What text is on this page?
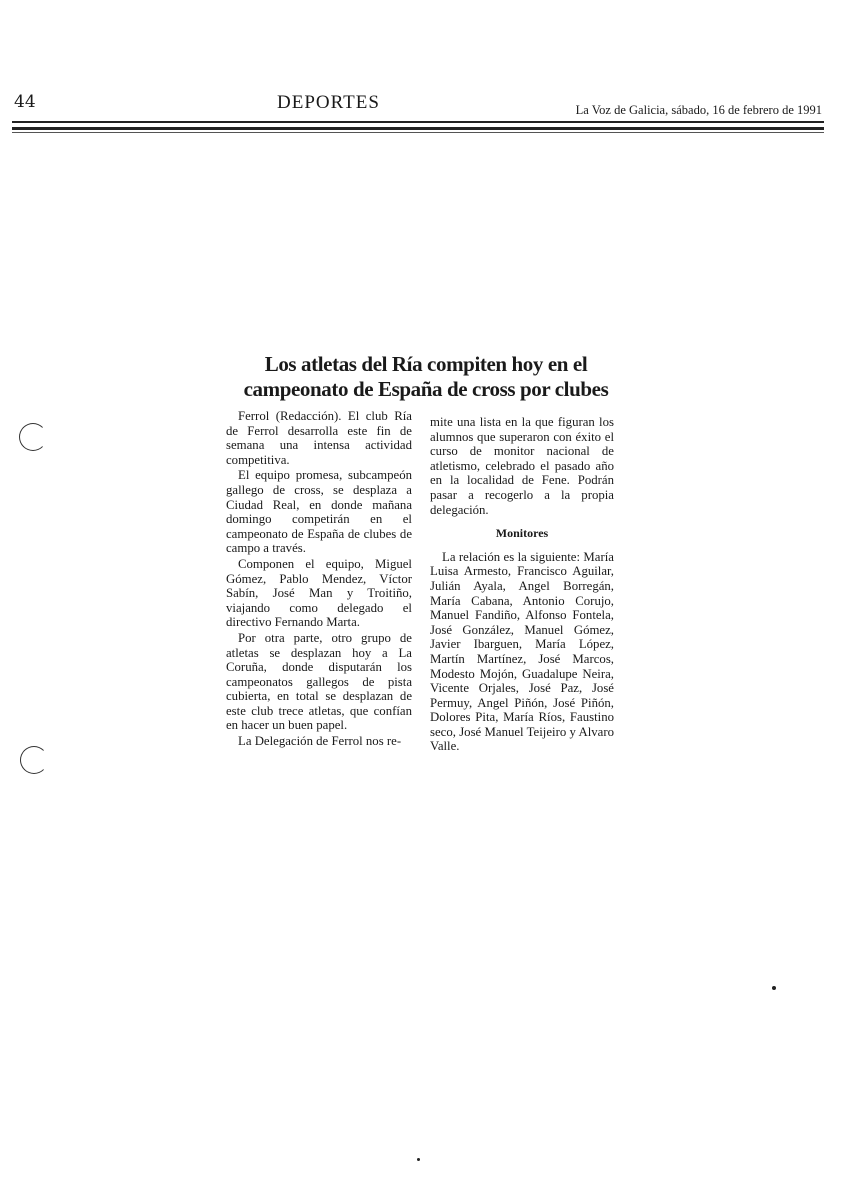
44	DEPORTES	La Voz de Galicia, sábado, 16 de febrero de 1991
Los atletas del Ría compiten hoy en el
campeonato de España de cross por clubes

Ferrol (Redacción). El club Ría de Ferrol desarrolla este fin de semana una intensa actividad competitiva.

El equipo promesa, subcampeón gallego de cross, se desplaza a Ciudad Real, en donde mañana domingo competirán en el campeonato de España de clubes de campo a través.

Componen el equipo, Miguel Gómez, Pablo Mendez, Víctor Sabín, José Man y Troitiño, viajando como delegado el directivo Fernando Marta.

Por otra parte, otro grupo de atletas se desplazan hoy a La Coruña, donde disputarán los campeonatos gallegos de pista cubierta, en total se desplazan de este club trece atletas, que confían en hacer un buen papel.

La Delegación de Ferrol nos re-

mite una lista en la que figuran los alumnos que superaron con éxito el curso de monitor nacional de atletismo, celebrado el pasado año en la localidad de Fene. Podrán pasar a recogerlo a la propia delegación.

Monitores

La relación es la siguiente: María Luisa Armesto, Francisco Aguilar, Julián Ayala, Angel Borregán, María Cabana, Antonio Corujo, Manuel Fandiño, Alfonso Fontela, José González, Manuel Gómez, Javier Ibarguen, María López, Martín Martínez, José Marcos, Modesto Mojón, Guadalupe Neira, Vicente Orjales, José Paz, José Permuy, Angel Piñón, José Piñón, Dolores Pita, María Ríos, Faustino seco, José Manuel Teijeiro y Alvaro Valle.
